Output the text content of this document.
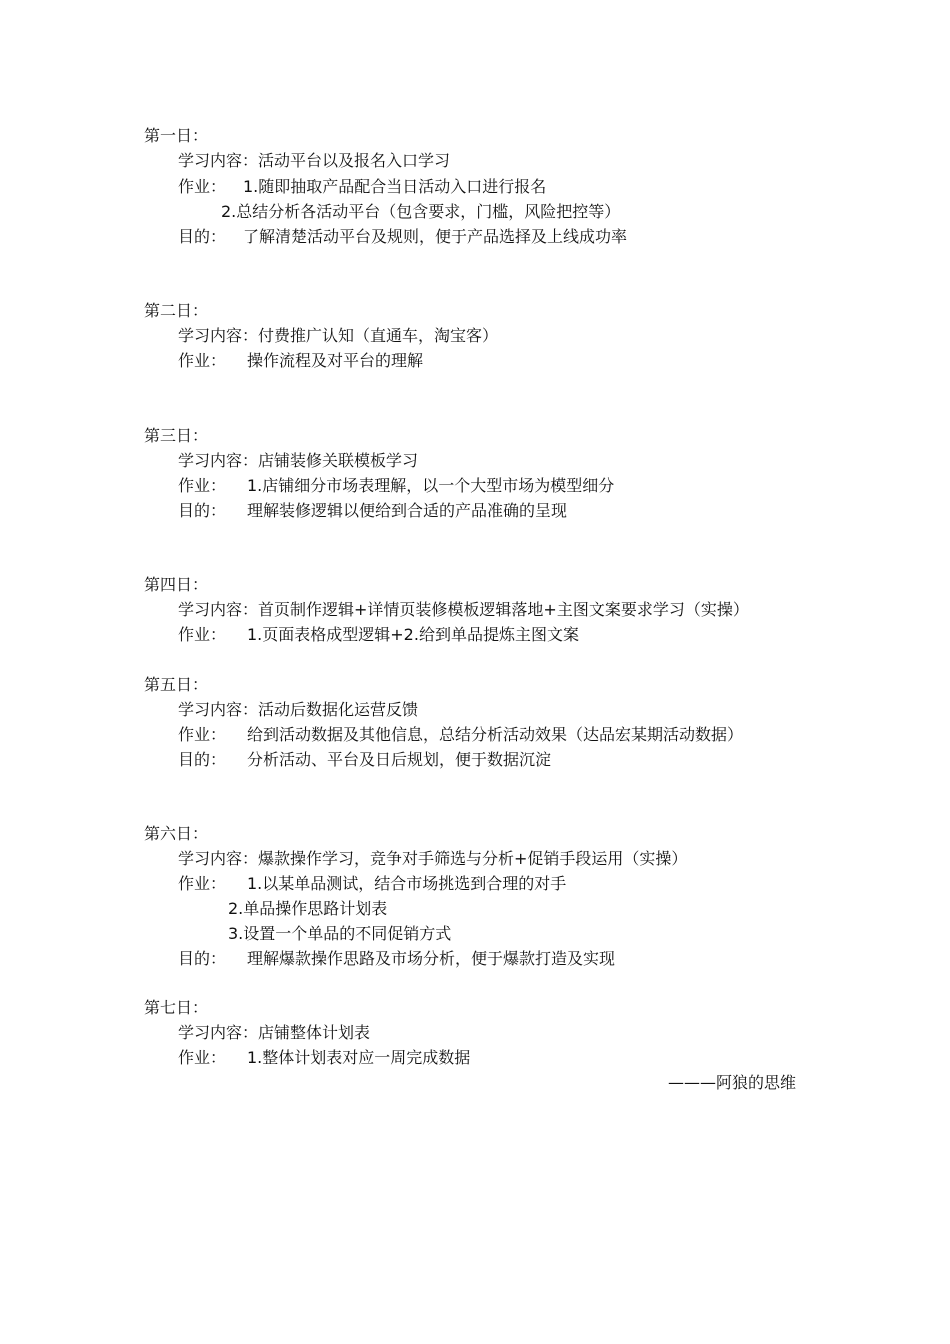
第一日：
学习内容：活动平台以及报名入口学习
作业： 1.随即抽取产品配合当日活动入口进行报名
2.总结分析各活动平台（包含要求，门槛，风险把控等）
目的： 了解清楚活动平台及规则，便于产品选择及上线成功率
第二日：
学习内容：付费推广认知（直通车，淘宝客）
作业： 操作流程及对平台的理解
第三日：
学习内容：店铺装修关联模板学习
作业： 1.店铺细分市场表理解，以一个大型市场为模型细分
目的： 理解装修逻辑以便给到合适的产品准确的呈现
第四日：
学习内容：首页制作逻辑+详情页装修模板逻辑落地+主图文案要求学习（实操）
作业： 1.页面表格成型逻辑+2.给到单品提炼主图文案
第五日：
学习内容：活动后数据化运营反馈
作业： 给到活动数据及其他信息，总结分析活动效果（达品宏某期活动数据）
目的： 分析活动、平台及日后规划，便于数据沉淀
第六日：
学习内容：爆款操作学习，竞争对手筛选与分析+促销手段运用（实操）
作业： 1.以某单品测试，结合市场挑选到合理的对手
2.单品操作思路计划表
3.设置一个单品的不同促销方式
目的： 理解爆款操作思路及市场分析，便于爆款打造及实现
第七日：
学习内容：店铺整体计划表
作业： 1.整体计划表对应一周完成数据
———阿狼的思维
